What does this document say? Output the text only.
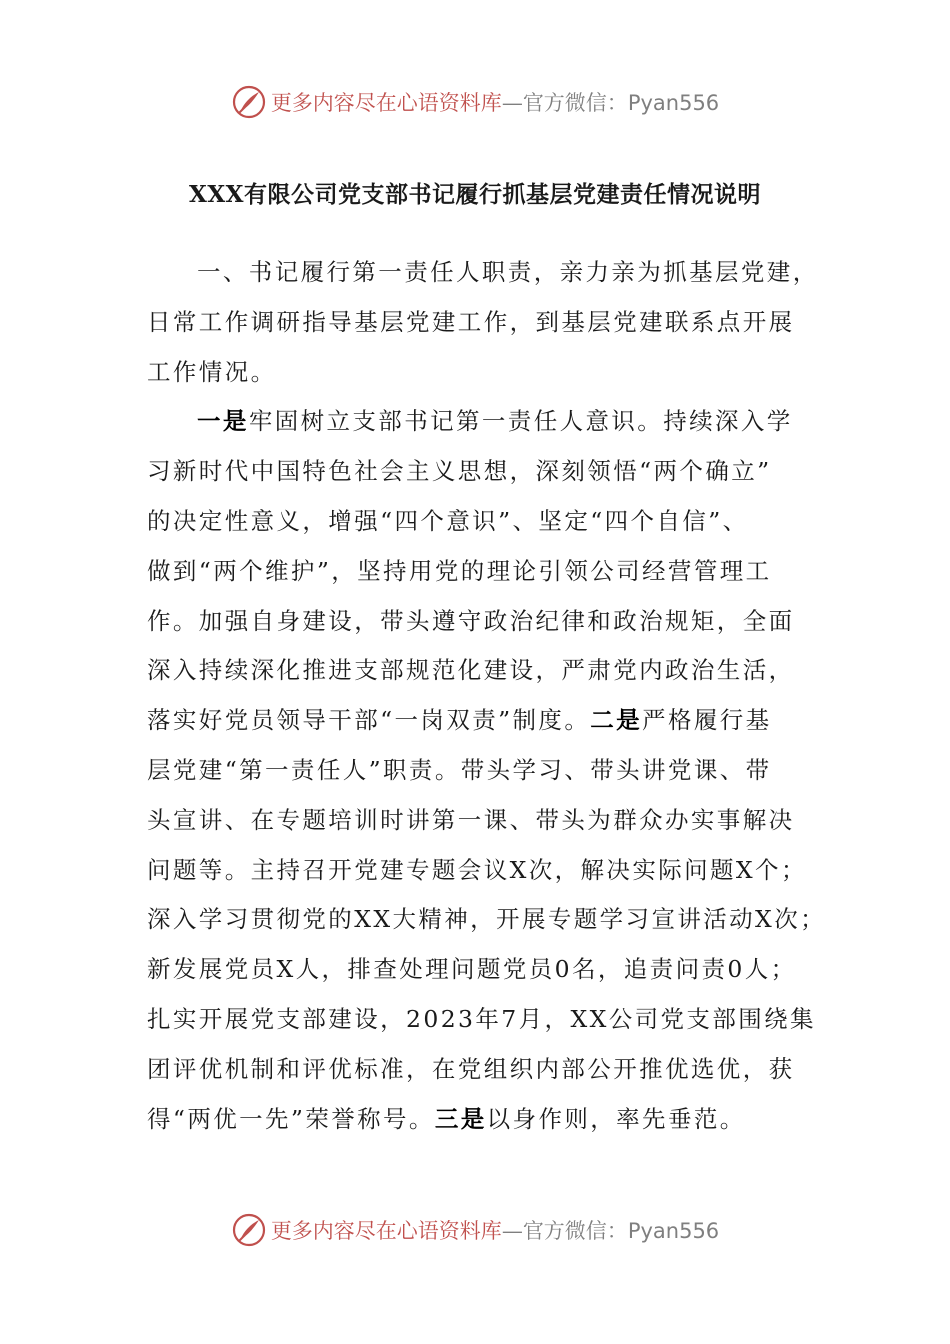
更多内容尽在心语资料库—官方微信：Pyan556
XXX有限公司党支部书记履行抓基层党建责任情况说明
一、书记履行第一责任人职责，亲力亲为抓基层党建，
日常工作调研指导基层党建工作，到基层党建联系点开展
工作情况。
一是牢固树立支部书记第一责任人意识。持续深入学
习新时代中国特色社会主义思想，深刻领悟“两个确立”
的决定性意义，增强“四个意识”、坚定“四个自信”、
做到“两个维护”，坚持用党的理论引领公司经营管理工
作。加强自身建设，带头遵守政治纪律和政治规矩，全面
深入持续深化推进支部规范化建设，严肃党内政治生活，
落实好党员领导干部“一岗双责”制度。二是严格履行基
层党建“第一责任人”职责。带头学习、带头讲党课、带
头宣讲、在专题培训时讲第一课、带头为群众办实事解决
问题等。主持召开党建专题会议X次，解决实际问题X个；
深入学习贯彻党的XX大精神，开展专题学习宣讲活动X次；
新发展党员X人，排查处理问题党员0名，追责问责0人；
扎实开展党支部建设，2023年7月，XX公司党支部围绕集
团评优机制和评优标准，在党组织内部公开推优选优，获
得“两优一先”荣誉称号。三是以身作则，率先垂范。
更多内容尽在心语资料库—官方微信：Pyan556
